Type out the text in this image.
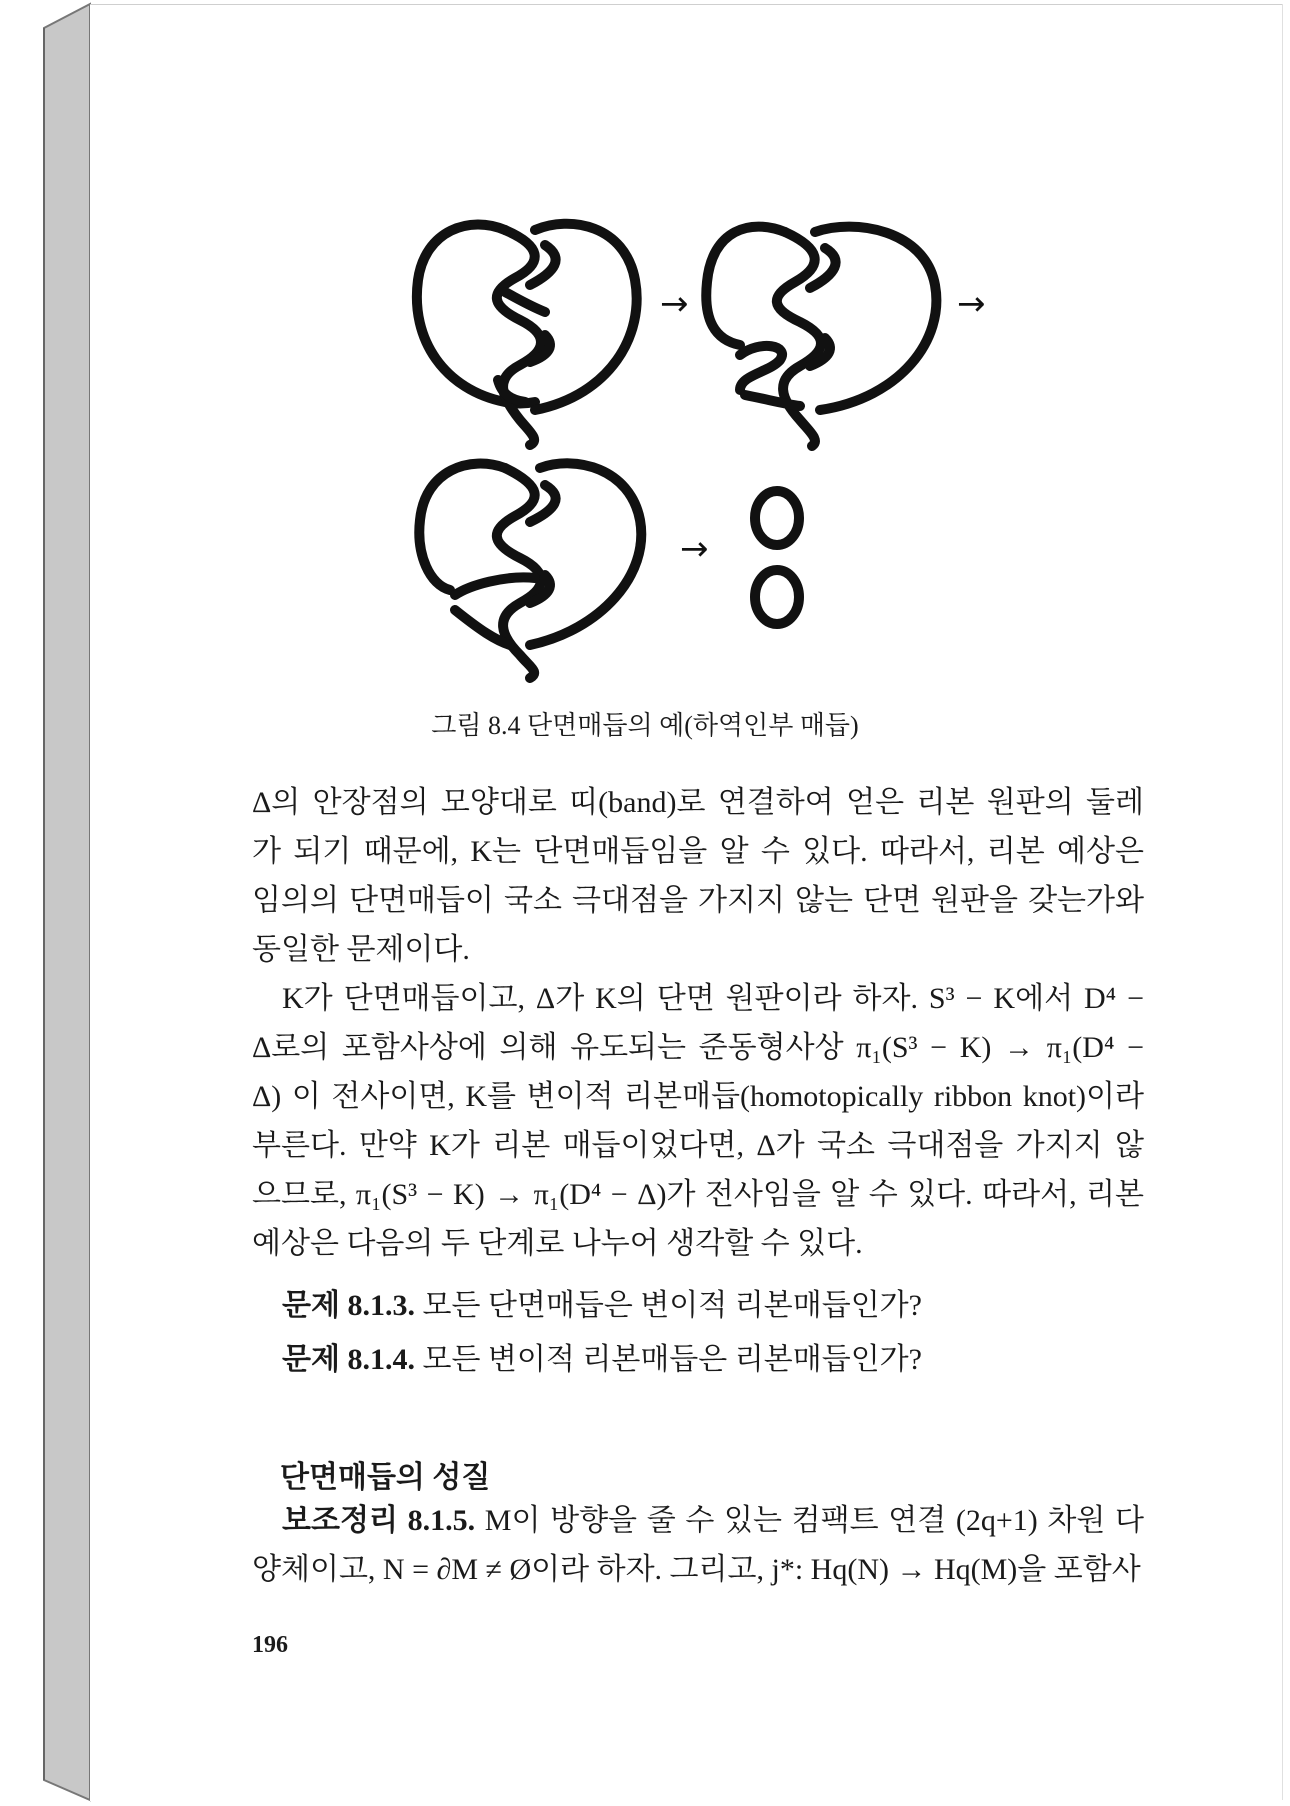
→	→
→
그림 8.4 단면매듭의 예(하역인부 매듭)
Δ의 안장점의 모양대로 띠(band)로 연결하여 얻은 리본 원판의 둘레
가 되기 때문에, K는 단면매듭임을 알 수 있다. 따라서, 리본 예상은
임의의 단면매듭이 국소 극대점을 가지지 않는 단면 원판을 갖는가와
동일한 문제이다.
K가 단면매듭이고, Δ가 K의 단면 원판이라 하자. S³ − K에서 D⁴ −
Δ로의 포함사상에 의해 유도되는 준동형사상 π₁(S³ − K) → π₁(D⁴ −
Δ) 이 전사이면, K를 변이적 리본매듭(homotopically ribbon knot)이라
부른다. 만약 K가 리본 매듭이었다면, Δ가 국소 극대점을 가지지 않
으므로, π₁(S³ − K) → π₁(D⁴ − Δ)가 전사임을 알 수 있다. 따라서, 리본
예상은 다음의 두 단계로 나누어 생각할 수 있다.
문제 8.1.3. 모든 단면매듭은 변이적 리본매듭인가?
문제 8.1.4. 모든 변이적 리본매듭은 리본매듭인가?
단면매듭의 성질
보조정리 8.1.5. M이 방향을 줄 수 있는 컴팩트 연결 (2q+1) 차원 다
양체이고, N = ∂M ≠ Ø이라 하자. 그리고, j*: Hq(N) → Hq(M)을 포함사
196
